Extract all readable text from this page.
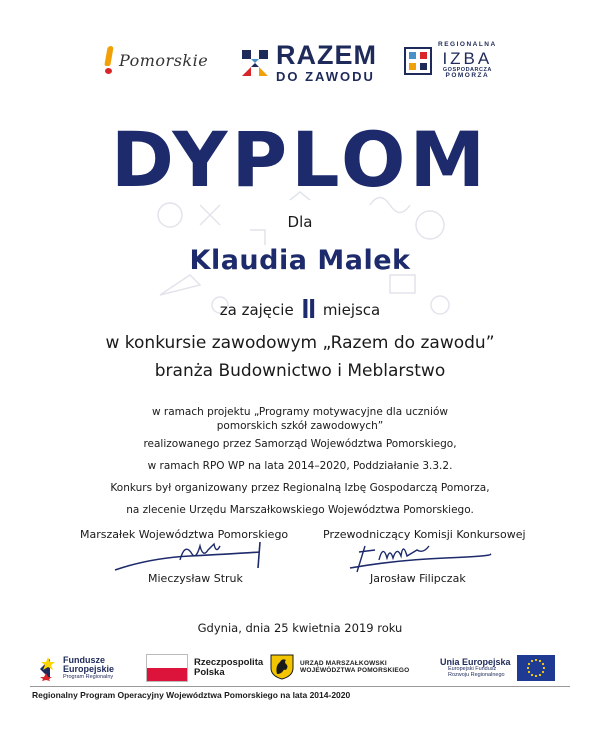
Pomorskie	RAZEM
DO ZAWODU
REGIONALNA
IZBA
GOSPODARCZA
POMORZA
DYPLOM
Dla
Klaudia Malek
za zajęcie II miejsca
w konkursie zawodowym „Razem do zawodu”
branża Budownictwo i Meblarstwo
w ramach projektu „Programy motywacyjne dla uczniów pomorskich szkół zawodowych”
realizowanego przez Samorząd Województwa Pomorskiego,
w ramach RPO WP na lata 2014–2020, Poddziałanie 3.3.2.
Konkurs był organizowany przez Regionalną Izbę Gospodarczą Pomorza,
na zlecenie Urzędu Marszałkowskiego Województwa Pomorskiego.
Marszałek Województwa Pomorskiego	Przewodniczący Komisji Konkursowej
Mieczysław Struk	Jarosław Filipczak
Gdynia, dnia 25 kwietnia 2019 roku
Fundusze
Europejskie
Program Regionalny
Rzeczpospolita
Polska
URZĄD MARSZAŁKOWSKI
WOJEWÓDZTWA POMORSKIEGO
Unia Europejska
Europejski Fundusz
Rozwoju Regionalnego
Regionalny Program Operacyjny Województwa Pomorskiego na lata 2014-2020
